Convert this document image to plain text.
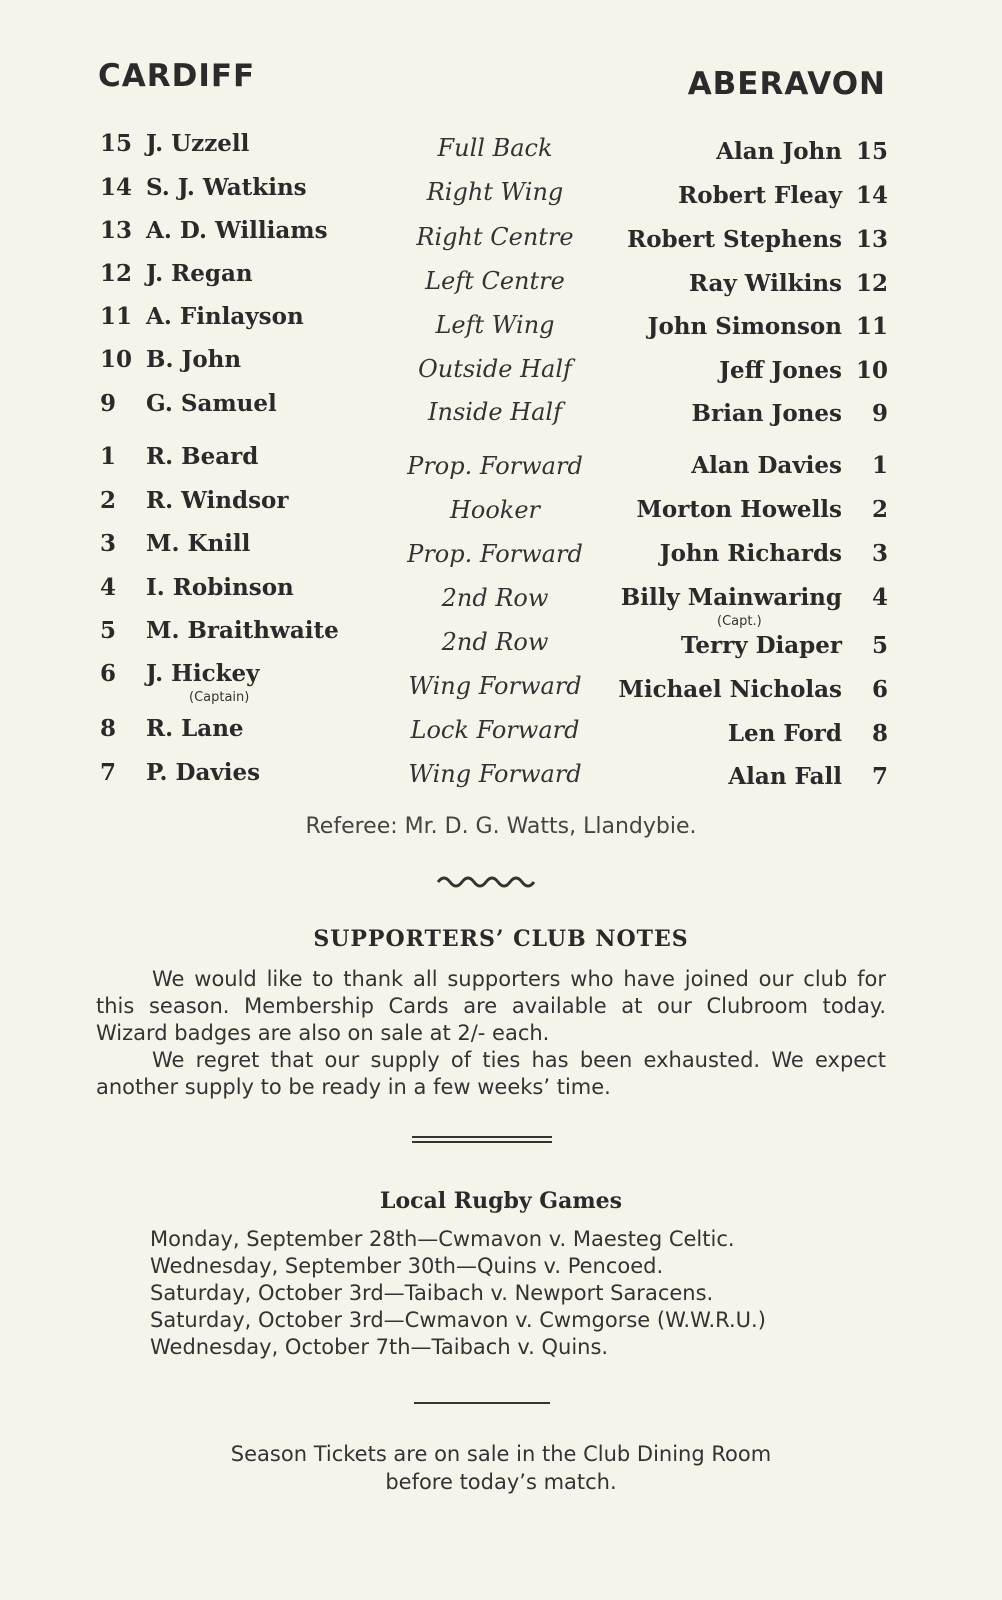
CARDIFF	ABERAVON
15 J. Uzzell	Full Back	Alan John 15
14 S. J. Watkins	Right Wing	Robert Fleay 14
13 A. D. Williams	Right Centre	Robert Stephens 13
12 J. Regan	Left Centre	Ray Wilkins 12
11 A. Finlayson	Left Wing	John Simonson 11
10 B. John	Outside Half	Jeff Jones 10
9	G. Samuel	Inside Half	Brian Jones	9
1	R. Beard	Prop. Forward	Alan Davies	1
2	R. Windsor	Hooker	Morton Howells	2
3	M. Knill	Prop. Forward	John Richards	3
4	I. Robinson	2nd Row	Billy Mainwaring	4
5	M. Braithwaite	2nd Row	Terry Diaper	5
6	J. Hickey	Wing Forward	Michael Nicholas	6
8	R. Lane	Lock Forward	Len Ford	8
7	P. Davies	Wing Forward	Alan Fall	7
(Captain)
(Capt.)
Referee: Mr. D. G. Watts, Llandybie.
SUPPORTERS’ CLUB NOTES

We would like to thank all supporters who have joined our club for this season. Membership Cards are available at our Clubroom today. Wizard badges are also on sale at 2/- each.

We regret that our supply of ties has been exhausted. We expect another supply to be ready in a few weeks’ time.

Local Rugby Games
Monday, September 28th—Cwmavon v. Maesteg Celtic.
Wednesday, September 30th—Quins v. Pencoed.
Saturday, October 3rd—Taibach v. Newport Saracens.
Saturday, October 3rd—Cwmavon v. Cwmgorse (W.W.R.U.)
Wednesday, October 7th—Taibach v. Quins.
Season Tickets are on sale in the Club Dining Room
before today’s match.
